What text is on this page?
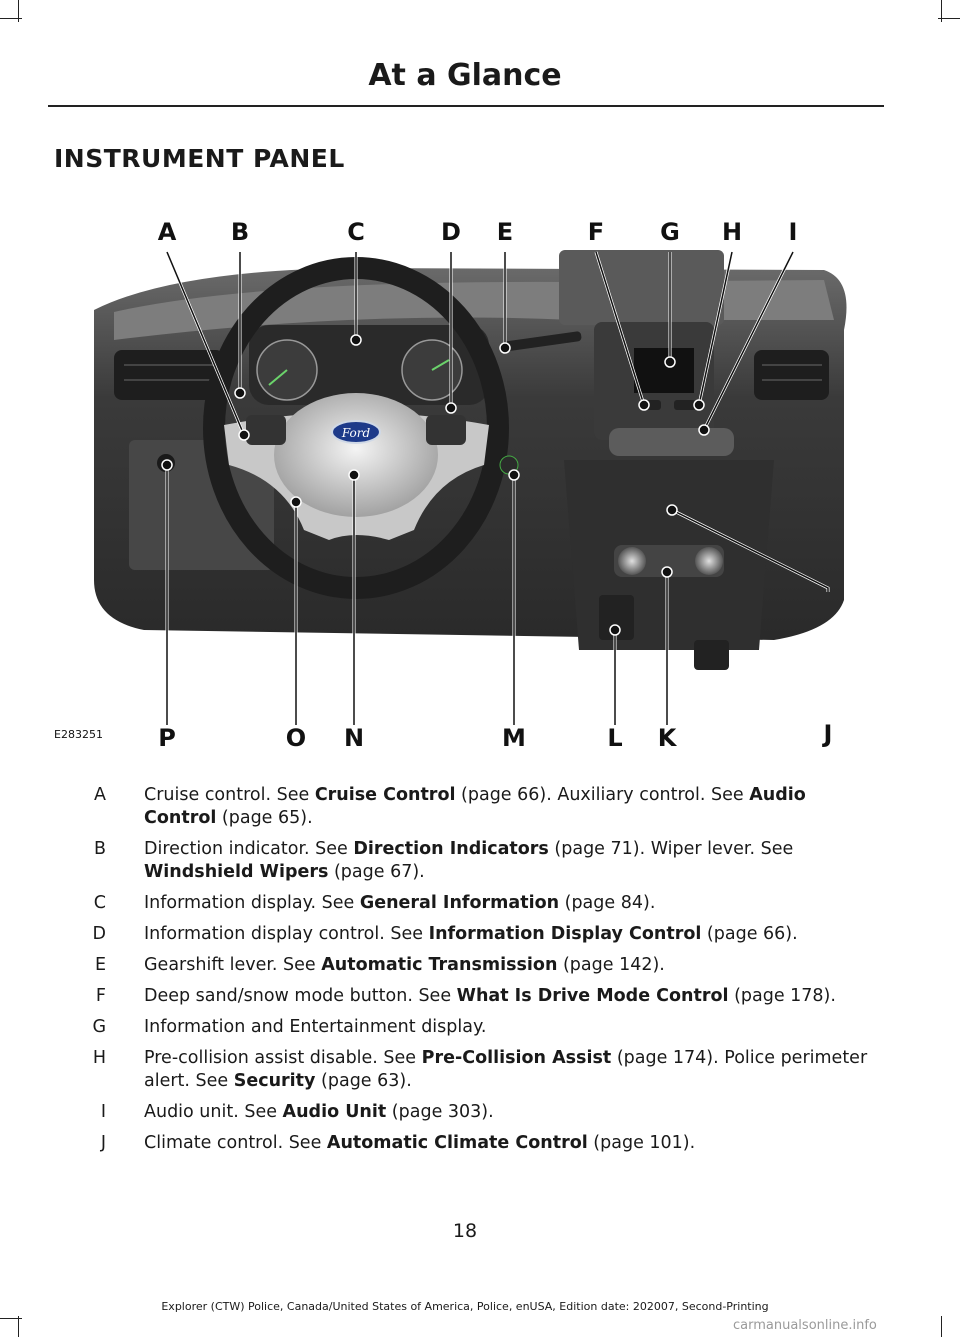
At a Glance
INSTRUMENT PANEL
Ford
A B	C	D E	F G H I
P	O N	M	L K	J
E283251
A Cruise control. See Cruise Control (page 66). Auxiliary control. See Audio Control (page 65).
B Direction indicator. See Direction Indicators (page 71). Wiper lever. See Windshield Wipers (page 67).
C Information display. See General Information (page 84).
D Information display control. See Information Display Control (page 66).
E Gearshift lever. See Automatic Transmission (page 142).
F Deep sand/snow mode button. See What Is Drive Mode Control (page 178).
G Information and Entertainment display.
H Pre-collision assist disable. See Pre-Collision Assist (page 174). Police perimeter alert. See Security (page 63).
I Audio unit. See Audio Unit (page 303).
J Climate control. See Automatic Climate Control (page 101).
18
Explorer (CTW) Police, Canada/United States of America, Police, enUSA, Edition date: 202007, Second-Printing
carmanualsonline.info
